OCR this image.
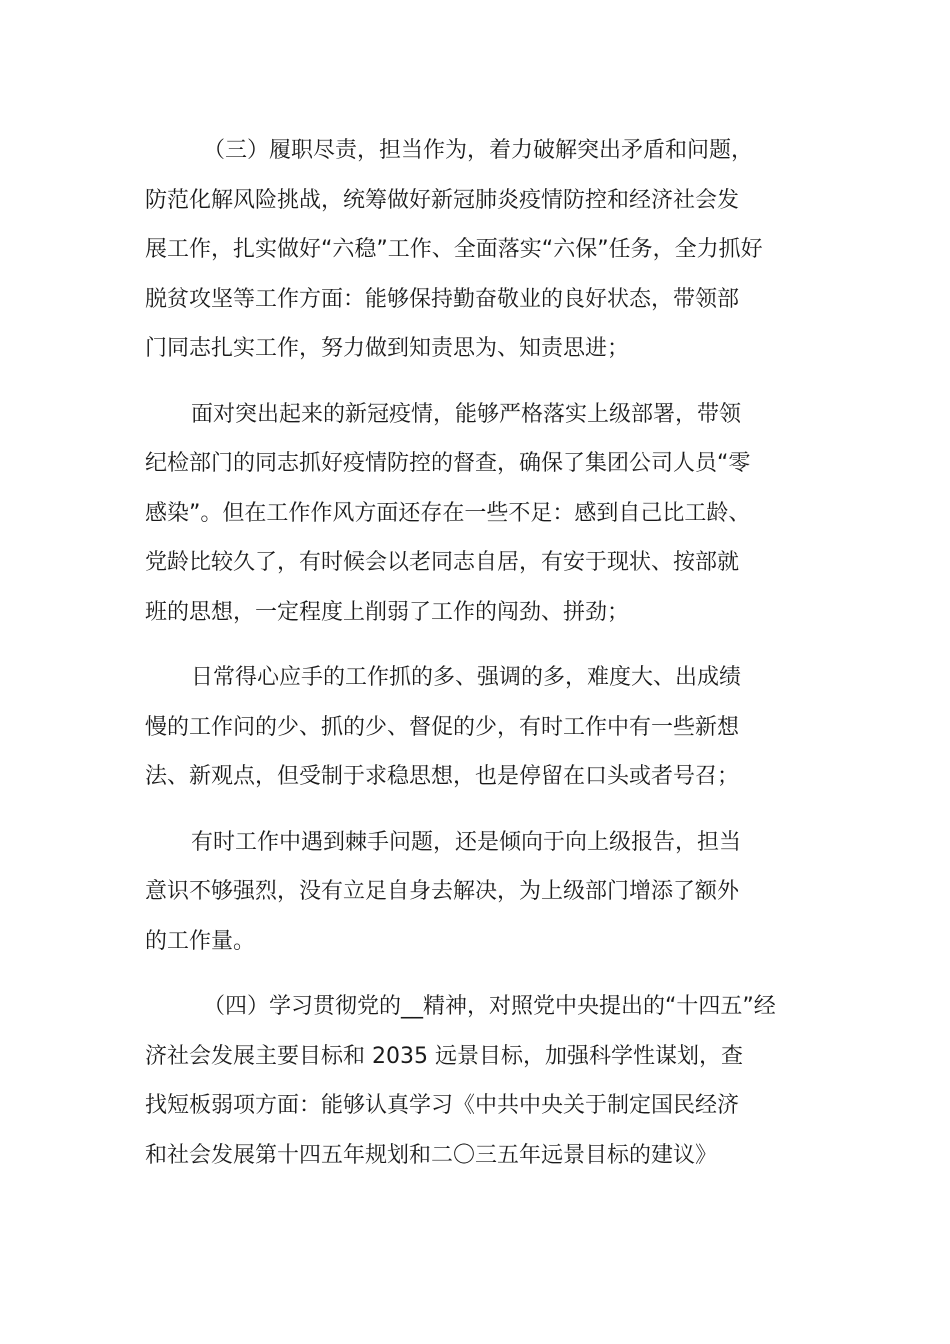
（三）履职尽责，担当作为，着力破解突出矛盾和问题，
防范化解风险挑战，统筹做好新冠肺炎疫情防控和经济社会发
展工作，扎实做好“六稳”工作、全面落实“六保”任务，全力抓好
脱贫攻坚等工作方面：能够保持勤奋敬业的良好状态，带领部
门同志扎实工作，努力做到知责思为、知责思进；
面对突出起来的新冠疫情，能够严格落实上级部署，带领
纪检部门的同志抓好疫情防控的督查，确保了集团公司人员“零
感染”。但在工作作风方面还存在一些不足：感到自己比工龄、
党龄比较久了，有时候会以老同志自居，有安于现状、按部就
班的思想，一定程度上削弱了工作的闯劲、拼劲；
日常得心应手的工作抓的多、强调的多，难度大、出成绩
慢的工作问的少、抓的少、督促的少，有时工作中有一些新想
法、新观点，但受制于求稳思想，也是停留在口头或者号召；
有时工作中遇到棘手问题，还是倾向于向上级报告，担当
意识不够强烈，没有立足自身去解决，为上级部门增添了额外
的工作量。
（四）学习贯彻党的__精神，对照党中央提出的“十四五”经
济社会发展主要目标和 2035 远景目标，加强科学性谋划，查
找短板弱项方面：能够认真学习《中共中央关于制定国民经济
和社会发展第十四五年规划和二〇三五年远景目标的建议》
